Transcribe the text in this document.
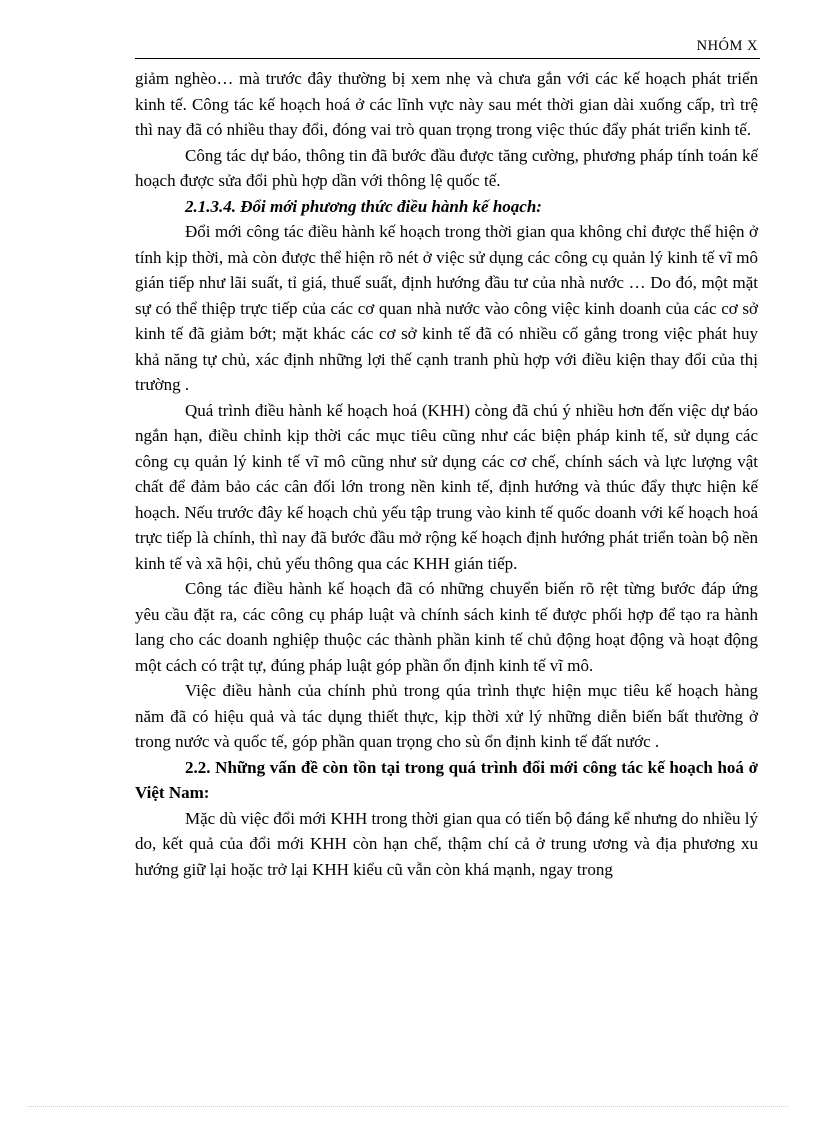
NHÓM X

giảm nghèo… mà trước đây thường bị xem nhẹ và chưa gắn với các kế hoạch phát triển kinh tế. Công tác kế hoạch hoá ở các lĩnh vực này sau mét thời gian dài xuống cấp, trì trệ thì nay đã có nhiều thay đổi, đóng vai trò quan trọng trong việc thúc đẩy phát triển kinh tế.

Công tác dự báo, thông tin đã bước đầu được tăng cường, phương pháp tính toán kế hoạch được sửa đổi phù hợp dần với thông lệ quốc tế.

2.1.3.4. Đổi mới phương thức điều hành kế hoạch:

Đổi mới công tác điều hành kế hoạch trong thời gian qua không chỉ được thể hiện ở tính kịp thời, mà còn được thể hiện rõ nét ở việc sử dụng các công cụ quản lý kinh tế vĩ mô gián tiếp như lãi suất, tỉ giá, thuế suất, định hướng đầu tư của nhà nước … Do đó, một mặt sự có thể thiệp trực tiếp của các cơ quan nhà nước vào công việc kinh doanh của các cơ sở kinh tế đã giảm bớt; mặt khác các cơ sở kinh tế đã có nhiều cố gắng trong việc phát huy khả năng tự chủ, xác định những lợi thế cạnh tranh phù hợp với điều kiện thay đổi của thị trường .

Quá trình điều hành kế hoạch hoá (KHH) còng đã chú ý nhiều hơn đến việc dự báo ngắn hạn, điều chỉnh kịp thời các mục tiêu cũng như các biện pháp kinh tế, sử dụng các công cụ quản lý kinh tế vĩ mô cũng như sử dụng các cơ chế, chính sách và lực lượng vật chất để đảm bảo các cân đối lớn trong nền kinh tế, định hướng và thúc đẩy thực hiện kế hoạch. Nếu trước đây kế hoạch chủ yếu tập trung vào kinh tế quốc doanh với kế hoạch hoá trực tiếp là chính, thì nay đã bước đầu mở rộng kế hoạch định hướng phát triển toàn bộ nền kinh tế và xã hội, chủ yếu thông qua các KHH gián tiếp.

Công tác điều hành kế hoạch đã có những chuyển biến rõ rệt từng bước đáp ứng yêu cầu đặt ra, các công cụ pháp luật và chính sách kinh tế được phối hợp để tạo ra hành lang cho các doanh nghiệp thuộc các thành phần kinh tế chủ động hoạt động và hoạt động một cách có trật tự, đúng pháp luật góp phần ổn định kinh tế vĩ mô.

Việc điều hành của chính phủ trong qúa trình thực hiện mục tiêu kế hoạch hàng năm đã có hiệu quả và tác dụng thiết thực, kịp thời xử lý những diễn biến bất thường ở trong nước và quốc tế, góp phần quan trọng cho sù ổn định kinh tế đất nước .

2.2. Những vấn đề còn tồn tại trong quá trình đổi mới công tác kế hoạch hoá ở Việt Nam:

Mặc dù việc đổi mới KHH trong thời gian qua có tiến bộ đáng kể nhưng do nhiều lý do, kết quả của đổi mới KHH còn hạn chế, thậm chí cả ở trung ương và địa phương xu hướng giữ lại hoặc trở lại KHH kiểu cũ vẫn còn khá mạnh, ngay trong
